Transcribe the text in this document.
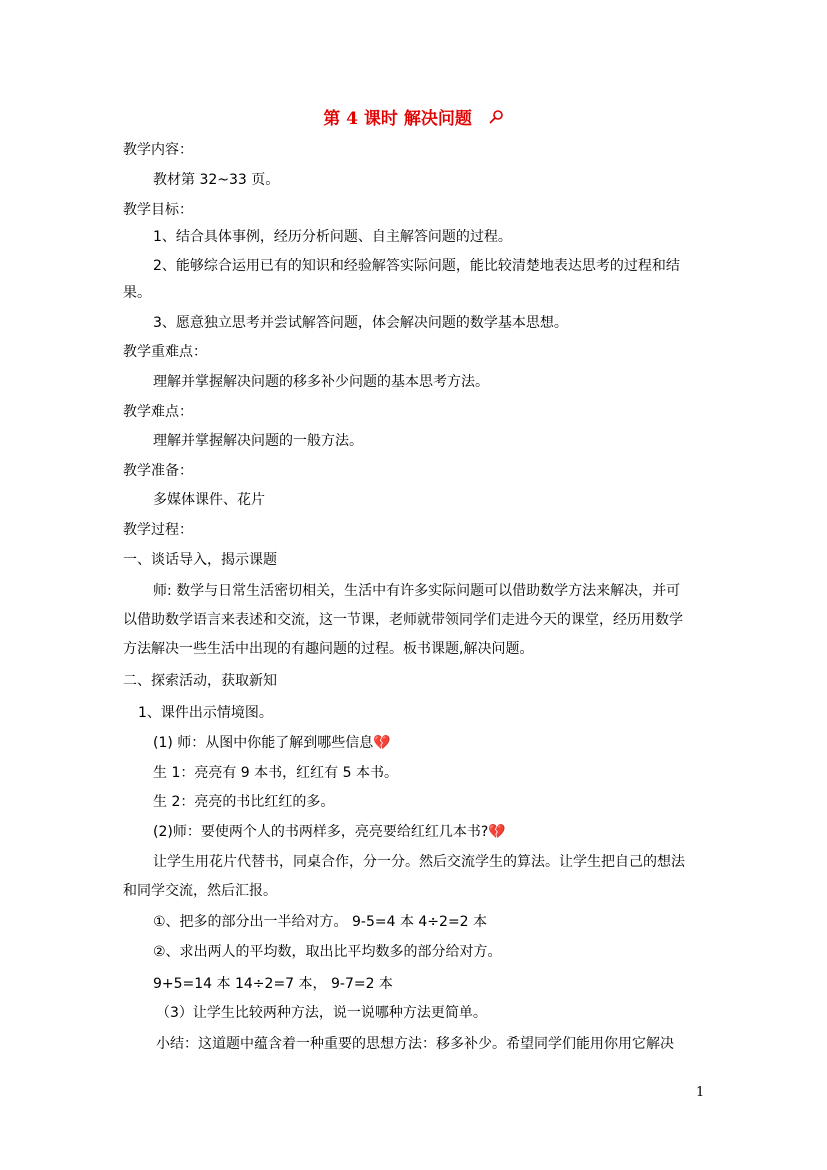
第 4 课时 解决问题
教学内容：
教材第 32~33 页。
教学目标：
1、结合具体事例，经历分析问题、自主解答问题的过程。
2、能够综合运用已有的知识和经验解答实际问题，能比较清楚地表达思考的过程和结
果。
3、愿意独立思考并尝试解答问题，体会解决问题的数学基本思想。
教学重难点：
理解并掌握解决问题的移多补少问题的基本思考方法。
教学难点：
理解并掌握解决问题的一般方法。
教学准备：
多媒体课件、花片
教学过程：
一、谈话导入，揭示课题
师: 数学与日常生活密切相关，生活中有许多实际问题可以借助数学方法来解决，并可
以借助数学语言来表述和交流，这一节课，老师就带领同学们走进今天的课堂，经历用数学
方法解决一些生活中出现的有趣问题的过程。板书课题,解决问题。
二、探索活动，获取新知
1、课件出示情境图。
(1) 师：从图中你能了解到哪些信息💔
生 1：亮亮有 9 本书，红红有 5 本书。
生 2：亮亮的书比红红的多。
(2)师：要使两个人的书两样多，亮亮要给红红几本书?💔
让学生用花片代替书，同桌合作，分一分。然后交流学生的算法。让学生把自己的想法
和同学交流，然后汇报。
①、把多的部分出一半给对方。 9-5=4 本 4÷2=2 本
②、求出两人的平均数，取出比平均数多的部分给对方。
9+5=14 本 14÷2=7 本， 9-7=2 本
（3）让学生比较两种方法，说一说哪种方法更简单。
小结：这道题中蕴含着一种重要的思想方法：移多补少。希望同学们能用你用它解决
1
